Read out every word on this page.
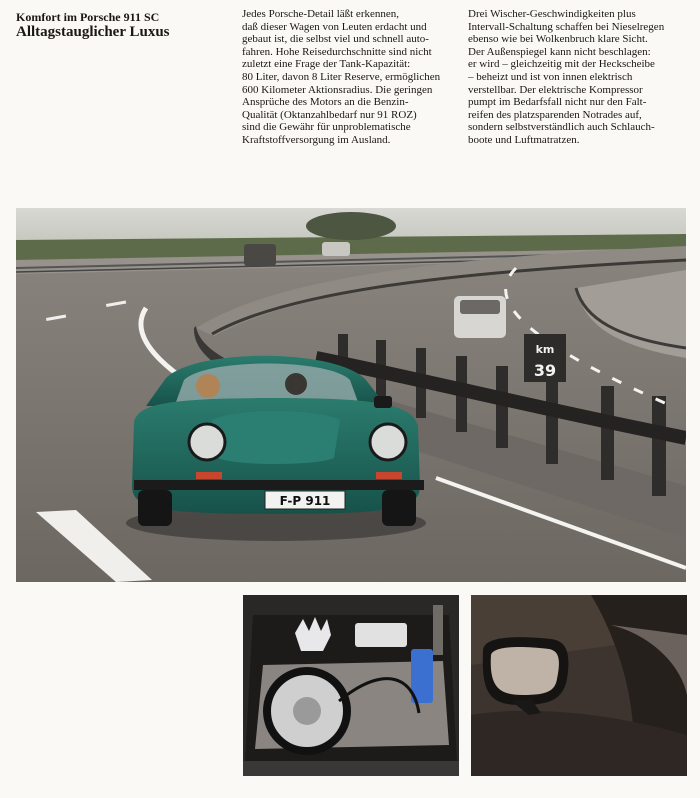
Komfort im Porsche 911 SC
Alltagstauglicher Luxus

Jedes Porsche-Detail läßt erkennen,

daß dieser Wagen von Leuten erdacht und

gebaut ist, die selbst viel und schnell auto-

fahren. Hohe Reisedurchschnitte sind nicht

zuletzt eine Frage der Tank-Kapazität:

80 Liter, davon 8 Liter Reserve, ermöglichen

600 Kilometer Aktionsradius. Die geringen

Ansprüche des Motors an die Benzin-

Qualität (Oktanzahlbedarf nur 91 ROZ)

sind die Gewähr für unproblematische

Kraftstoffversorgung im Ausland.

Drei Wischer-Geschwindigkeiten plus

Intervall-Schaltung schaffen bei Nieselregen

ebenso wie bei Wolkenbruch klare Sicht.

Der Außenspiegel kann nicht beschlagen:

er wird – gleichzeitig mit der Heckscheibe

– beheizt und ist von innen elektrisch

verstellbar. Der elektrische Kompressor

pumpt im Bedarfsfall nicht nur den Falt-

reifen des platzsparenden Notrades auf,

sondern selbstverständlich auch Schlauch-

boote und Luftmatratzen.

km
39
F-P 911
